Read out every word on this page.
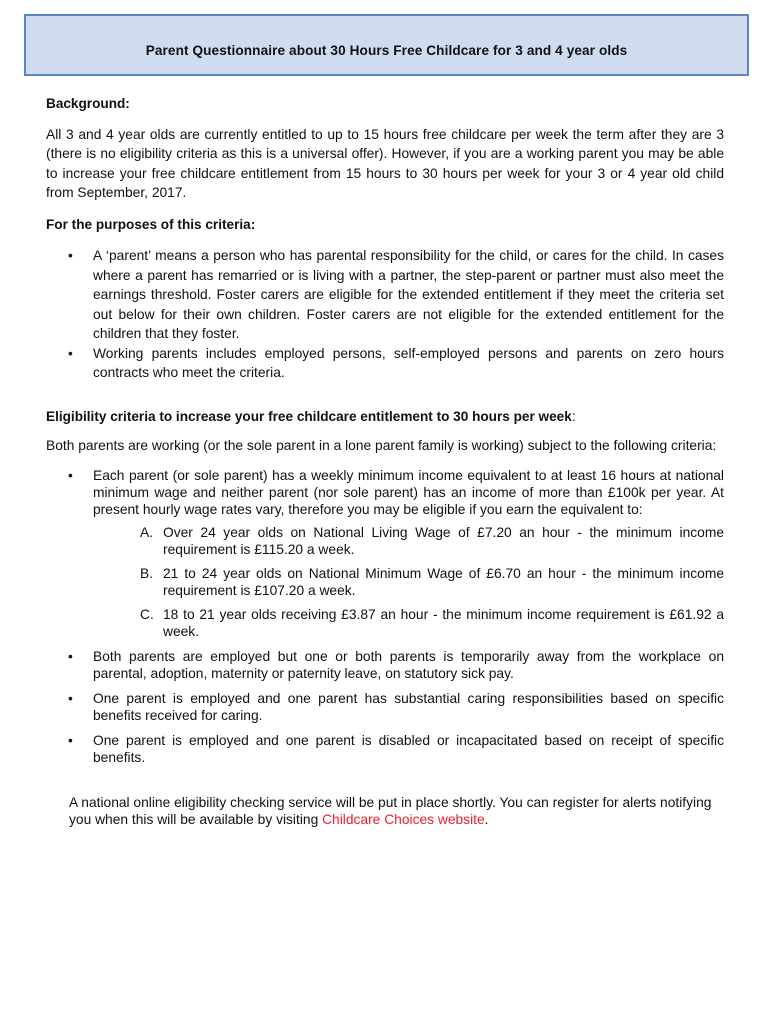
Parent Questionnaire about 30 Hours Free Childcare for 3 and 4 year olds

Background:

All 3 and 4 year olds are currently entitled to up to 15 hours free childcare per week the term after they are 3 (there is no eligibility criteria as this is a universal offer). However, if you are a working parent you may be able to increase your free childcare entitlement from 15 hours to 30 hours per week for your 3 or 4 year old child from September, 2017.

For the purposes of this criteria:

• A ‘parent’ means a person who has parental responsibility for the child, or cares for the child. In cases where a parent has remarried or is living with a partner, the step-parent or partner must also meet the earnings threshold. Foster carers are eligible for the extended entitlement if they meet the criteria set out below for their own children. Foster carers are not eligible for the extended entitlement for the children that they foster.
• Working parents includes employed persons, self-employed persons and parents on zero hours contracts who meet the criteria.

Eligibility criteria to increase your free childcare entitlement to 30 hours per week:

Both parents are working (or the sole parent in a lone parent family is working) subject to the following criteria:

• Each parent (or sole parent) has a weekly minimum income equivalent to at least 16 hours at national minimum wage and neither parent (nor sole parent) has an income of more than £100k per year. At present hourly wage rates vary, therefore you may be eligible if you earn the equivalent to:
A. Over 24 year olds on National Living Wage of £7.20 an hour - the minimum income requirement is £115.20 a week.
B. 21 to 24 year olds on National Minimum Wage of £6.70 an hour - the minimum income requirement is £107.20 a week.
C. 18 to 21 year olds receiving £3.87 an hour - the minimum income requirement is £61.92 a week.
• Both parents are employed but one or both parents is temporarily away from the workplace on parental, adoption, maternity or paternity leave, on statutory sick pay.
• One parent is employed and one parent has substantial caring responsibilities based on specific benefits received for caring.
• One parent is employed and one parent is disabled or incapacitated based on receipt of specific benefits.

A national online eligibility checking service will be put in place shortly. You can register for alerts notifying you when this will be available by visiting Childcare Choices website.
